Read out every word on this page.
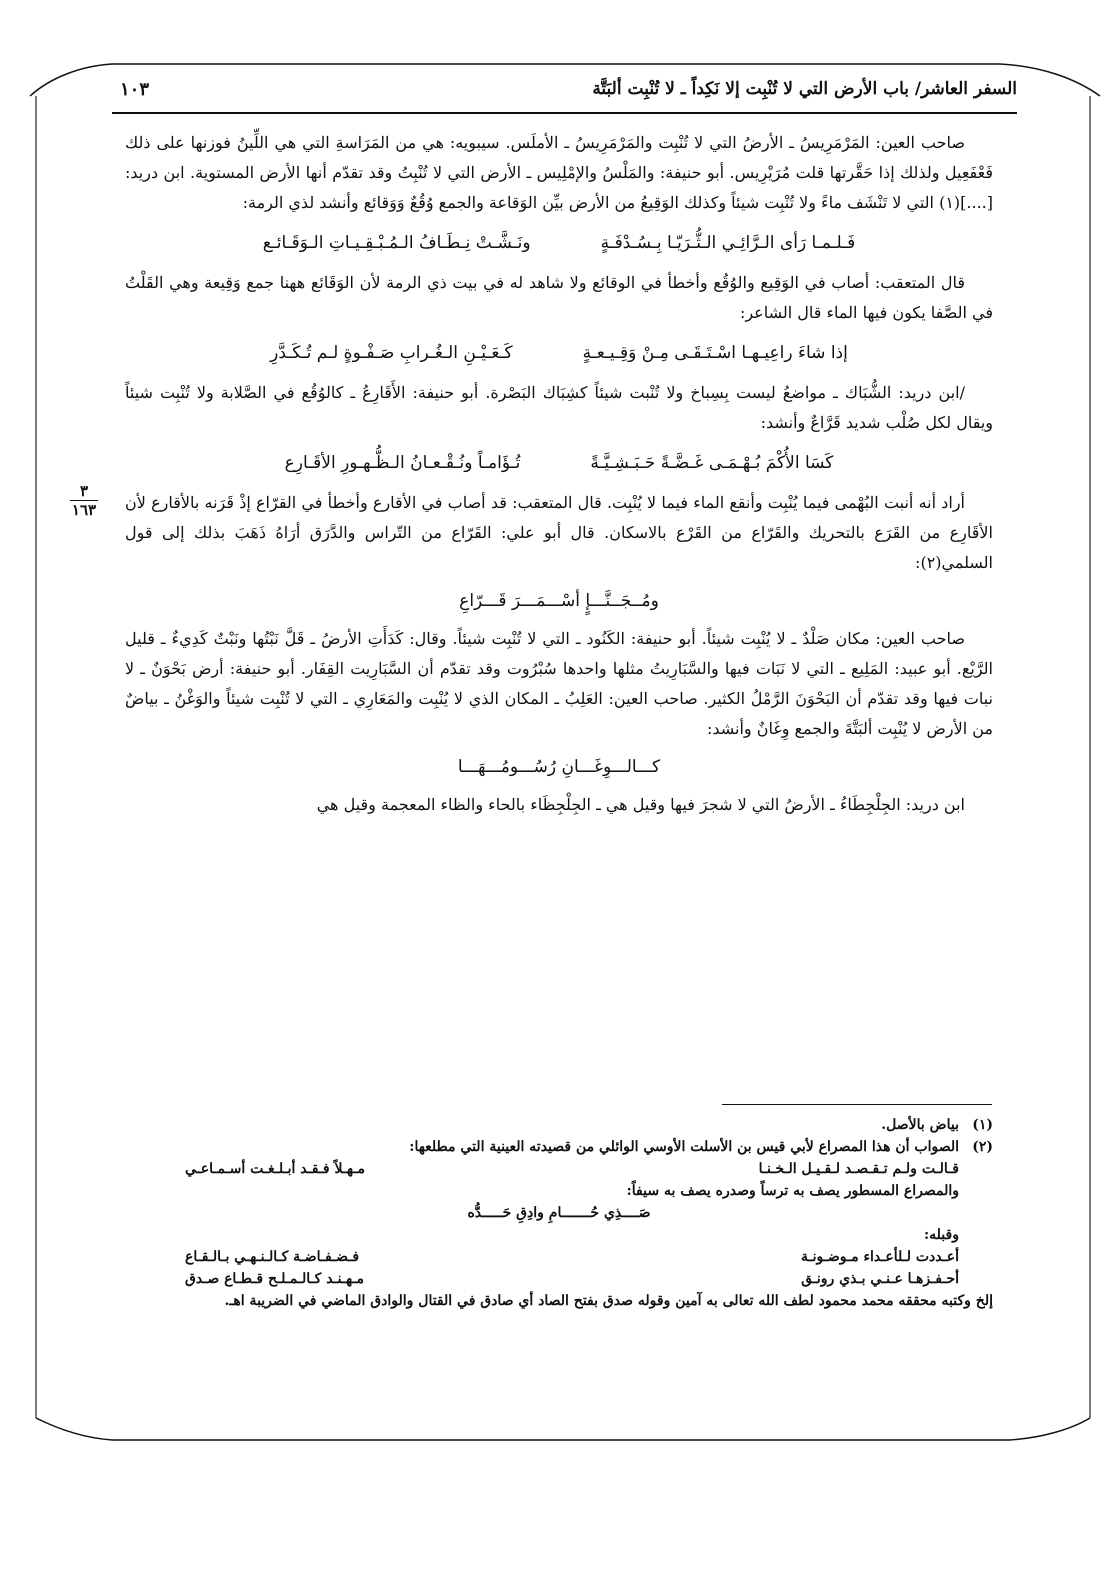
١٠٣	السفر العاشر/ باب الأرض التي لا تُنْبِت إلا نَكِداً ـ لا تُنْبِت ألبَتَّة
٣
١٦٣

صاحب العين: المَرْمَرِيسُ ـ الأرضُ التي لا تُنْبِت والمَرْمَرِيسُ ـ الأملَس. سيبويه: هي من المَرَاسةِ التي هي اللِّينُ فوزنها على ذلك فَعْفَعِيل ولذلك إذا حَقَّرتها قلت مُرَيْرِيس. أبو حنيفة: والمَلْسُ والإمْلِيس ـ الأرض التي لا تُنْبِتُ وقد تقدّم أنها الأرض المستوية. ابن دريد: [....](١) التي لا تَنْشَف ماءً ولا تُنْبِت شيئاً وكذلك الوَقِيعُ من الأرض بيِّن الوَقاعة والجمع وُقُعٌ وَوَقائع وأنشد لذي الرمة:

فَـلـمـا رَأى الـرَّائِـي الـثُّـرَيّـا بِـسُـدْفَـةٍ
ونَـشَّـتْ نِـطَـافُ الـمُـبْـقِـيـاتِ الـوَقَـائـع

قال المتعقب: أصاب في الوَقِيع والوُقُع وأخطأ في الوقائع ولا شاهد له في بيت ذي الرمة لأن الوَقَائع ههنا جمع وَقِيعة وهي القَلْتُ في الصَّفا يكون فيها الماء قال الشاعر:

إذا شاءَ راعِيـهـا اسْـتَـقَـى مِـنْ وَقِـيـعـةٍ
كَـعَـيْـنِ الـغُـرابِ صَـفْـوةٍ لـم تُـكَـدَّرِ

/ابن دريد: الشُّبَاك ـ مواضعُ ليست بِسِباخ ولا تُنْبت شيئاً كشِبَاك البَصْرة. أبو حنيفة: الأَقَارِعُ ـ كالوُقُع في الصَّلابة ولا تُنْبِت شيئاً ويقال لكل صُلْب شديد قَرَّاعٌ وأنشد:

كَسَا الأُكْمَ بُـهْـمَـى غَـضَّـةً حَـبَـشِـيَّـةً
تُـؤَامـاً ونُـقْـعـانُ الـظُّـهـورِ الأقَـارِع

أراد أنه أنبت البُهْمى فيما يُنْبِت وأنقع الماء فيما لا يُنْبِت. قال المتعقب: قد أصاب في الأقارع وأخطأ في القرّاع إذْ قَرَنه بالأقارع لأن الأقَارِع من القَرَع بالتحريك والقَرّاع من القَرْع بالاسكان. قال أبو علي: القَرّاع من التّراس والدَّرَق أرَاهُ ذَهَبَ بذلك إلى قول السلمي(٢):

ومُــجَــنَّـــإٍ أسْـــمَـــرَ قَـــرّاعِ

صاحب العين: مكان صَلْدٌ ـ لا يُنْبِت شيئاً. أبو حنيفة: الكَنُود ـ التي لا تُنْبِت شيئاً. وقال: كَدَأَتِ الأرضُ ـ قَلَّ نَبْتُها ونَبْتٌ كَدِيءٌ ـ قليل الرَّيْع. أبو عبيد: المَلِيع ـ التي لا نَبَات فيها والسَّبَارِيتُ مثلها واحدها سُبْرُوت وقد تقدّم أن السَّبَارِيت القِفَار. أبو حنيفة: أرض بَحْوَنٌ ـ لا نبات فيها وقد تقدّم أن البَحْوَنَ الرَّمْلُ الكثير. صاحب العين: العَلِبُ ـ المكان الذي لا يُنْبِت والمَعَارِي ـ التي لا تُنْبِت شيئاً والوَغْنُ ـ بياضٌ من الأرض لا يُنْبِت ألبَتَّةَ والجمع وِغَانٌ وأنشد:

كـــالـــوِغَـــانِ رُسُـــومُـــهَـــا

ابن دريد: الجِلْجِطَاءُ ـ الأرضُ التي لا شجرَ فيها وقيل هي ـ الجِلْجِظَاء بالحاء والظاء المعجمة وقيل هي

(١)
بياض بالأصل.
(٢)
الصواب أن هذا المصراع لأبي قيس بن الأسلت الأوسي الوائلي من قصيدته العينية التي مطلعها:
قـالـت ولـم تـقـصـد لـقـيـل الـخـنـا
مـهـلاً فـقـد أبـلـغـت أسـمـاعـي
والمصراع المسطور يصف به ترساً وصدره يصف به سيفاً:
صَــــذِي حُـــــــامِ وادِقِ حَـــــدُّه
وقبله:
أعـددت لـلأعـداء مـوضـونـة
فـضـفـاضـة كـالـنـهـي بـالـقـاع
أحـفـزهـا عـنـي بـذي رونـق
مـهـنـد كـالـمـلـح قـطـاع صـدق
إلخ وكتبه محققه محمد محمود لطف الله تعالى به آمين وقوله صدق بفتح الصاد أي صادق في القتال والوادق الماضي في الضريبة اهـ.
